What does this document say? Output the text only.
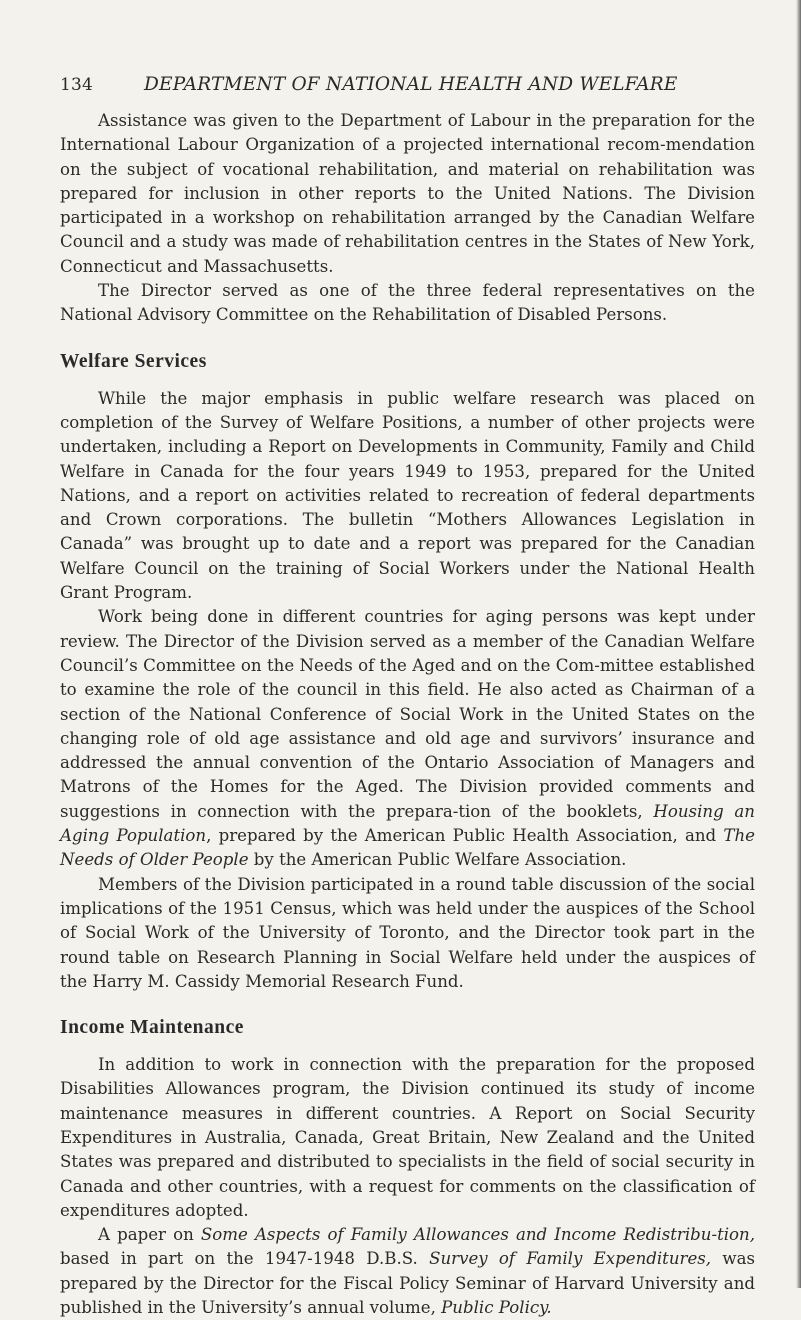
134	DEPARTMENT OF NATIONAL HEALTH AND WELFARE

Assistance was given to the Department of Labour in the preparation for the International Labour Organization of a projected international recom-mendation on the subject of vocational rehabilitation, and material on rehabilitation was prepared for inclusion in other reports to the United Nations. The Division participated in a workshop on rehabilitation arranged by the Canadian Welfare Council and a study was made of rehabilitation centres in the States of New York, Connecticut and Massachusetts.

The Director served as one of the three federal representatives on the National Advisory Committee on the Rehabilitation of Disabled Persons.

Welfare Services

While the major emphasis in public welfare research was placed on completion of the Survey of Welfare Positions, a number of other projects were undertaken, including a Report on Developments in Community, Family and Child Welfare in Canada for the four years 1949 to 1953, prepared for the United Nations, and a report on activities related to recreation of federal departments and Crown corporations. The bulletin “Mothers Allowances Legislation in Canada” was brought up to date and a report was prepared for the Canadian Welfare Council on the training of Social Workers under the National Health Grant Program.

Work being done in different countries for aging persons was kept under review. The Director of the Division served as a member of the Canadian Welfare Council’s Committee on the Needs of the Aged and on the Com-mittee established to examine the role of the council in this field. He also acted as Chairman of a section of the National Conference of Social Work in the United States on the changing role of old age assistance and old age and survivors’ insurance and addressed the annual convention of the Ontario Association of Managers and Matrons of the Homes for the Aged. The Division provided comments and suggestions in connection with the prepara-tion of the booklets, Housing an Aging Population, prepared by the American Public Health Association, and The Needs of Older People by the American Public Welfare Association.

Members of the Division participated in a round table discussion of the social implications of the 1951 Census, which was held under the auspices of the School of Social Work of the University of Toronto, and the Director took part in the round table on Research Planning in Social Welfare held under the auspices of the Harry M. Cassidy Memorial Research Fund.

Income Maintenance

In addition to work in connection with the preparation for the proposed Disabilities Allowances program, the Division continued its study of income maintenance measures in different countries. A Report on Social Security Expenditures in Australia, Canada, Great Britain, New Zealand and the United States was prepared and distributed to specialists in the field of social security in Canada and other countries, with a request for comments on the classification of expenditures adopted.

A paper on Some Aspects of Family Allowances and Income Redistribu-tion, based in part on the 1947-1948 D.B.S. Survey of Family Expenditures, was prepared by the Director for the Fiscal Policy Seminar of Harvard University and published in the University’s annual volume, Public Policy.
